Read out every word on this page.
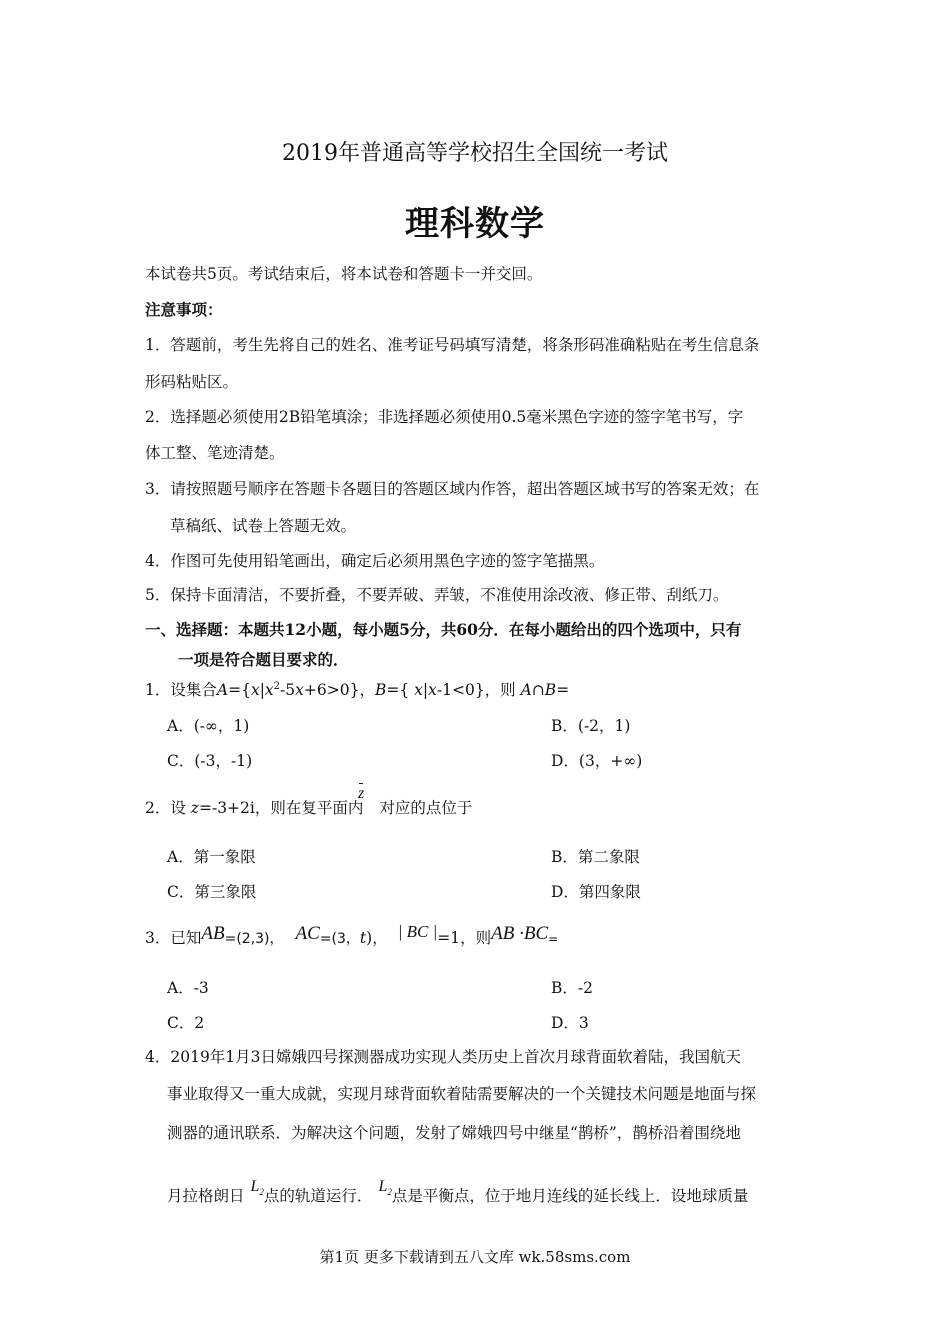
2019年普通高等学校招生全国统一考试
理科数学
本试卷共5页。考试结束后，将本试卷和答题卡一并交回。
注意事项：
1．答题前，考生先将自己的姓名、准考证号码填写清楚，将条形码准确粘贴在考生信息条
形码粘贴区。
2．选择题必须使用2B铅笔填涂；非选择题必须使用0.5毫米黑色字迹的签字笔书写，字
体工整、笔迹清楚。
3．请按照题号顺序在答题卡各题目的答题区域内作答，超出答题区域书写的答案无效；在
草稿纸、试卷上答题无效。
4．作图可先使用铅笔画出，确定后必须用黑色字迹的签字笔描黑。
5．保持卡面清洁，不要折叠，不要弄破、弄皱，不准使用涂改液、修正带、刮纸刀。
一、选择题：本题共12小题，每小题5分，共60分．在每小题给出的四个选项中，只有
一项是符合题目要求的．
1．设集合$A=\{x|x^2-5x+6>0\}$，B={ x|x-1<0}，则 A∩B=
A．(-∞，1)	B．(-2，1)
C．(-3，-1)	D．(3，+∞)
2．设 z=-3+2i，则在复平面内 对应的点位于
z
A．第一象限	B．第二象限
C．第三象限	D．第四象限
3．已知AB=(2,3)， AC=(3，t)， | BC |=1，则AB ·BC=
A．-3	B．-2
C．2	D．3
4．2019年1月3日嫦娥四号探测器成功实现人类历史上首次月球背面软着陆，我国航天
事业取得又一重大成就，实现月球背面软着陆需要解决的一个关键技术问题是地面与探
测器的通讯联系．为解决这个问题，发射了嫦娥四号中继星“鹊桥”，鹊桥沿着围绕地
月拉格朗日$L_2$点的轨道运行．$L_2$点是平衡点，位于地月连线的延长线上．设地球质量
第1页 更多下载请到五八文库 wk.58sms.com
